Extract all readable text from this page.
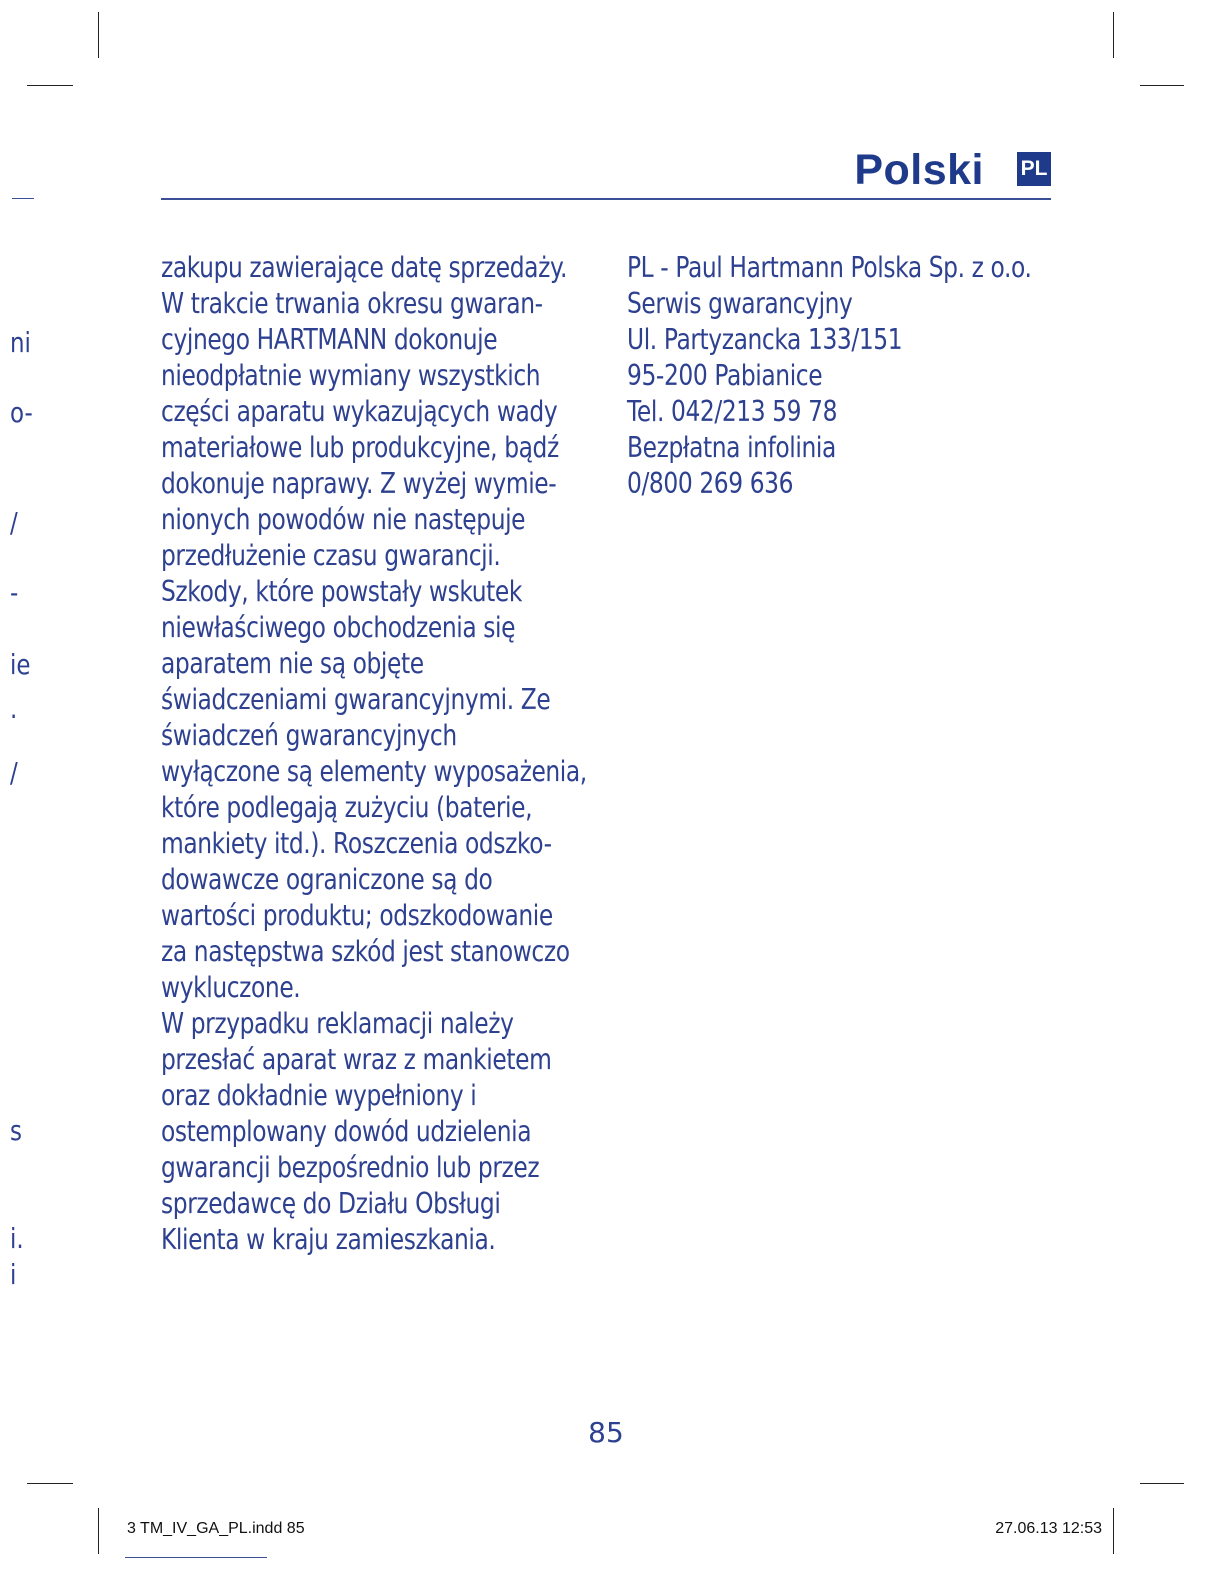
Polski PL
ni
o-
/
-
ie
.
/
s
i.
i
zakupu zawierające datę sprzedaży.
W trakcie trwania okresu gwaran-
cyjnego HARTMANN dokonuje
nieodpłatnie wymiany wszystkich
części aparatu wykazujących wady
materiałowe lub produkcyjne, bądź
dokonuje naprawy. Z wyżej wymie-
nionych powodów nie następuje
przedłużenie czasu gwarancji.
Szkody, które powstały wskutek
niewłaściwego obchodzenia się
aparatem nie są objęte
świadczeniami gwarancyjnymi. Ze
świadczeń gwarancyjnych
wyłączone są elementy wyposażenia,
które podlegają zużyciu (baterie,
mankiety itd.). Roszczenia odszko-
dowawcze ograniczone są do
wartości produktu; odszkodowanie
za następstwa szkód jest stanowczo
wykluczone.
W przypadku reklamacji należy
przesłać aparat wraz z mankietem
oraz dokładnie wypełniony i
ostemplowany dowód udzielenia
gwarancji bezpośrednio lub przez
sprzedawcę do Działu Obsługi
Klienta w kraju zamieszkania.
PL - Paul Hartmann Polska Sp. z o.o.
Serwis gwarancyjny
Ul. Partyzancka 133/151
95-200 Pabianice
Tel. 042/213 59 78
Bezpłatna infolinia
0/800 269 636
85
3 TM_IV_GA_PL.indd 85	27.06.13 12:53
